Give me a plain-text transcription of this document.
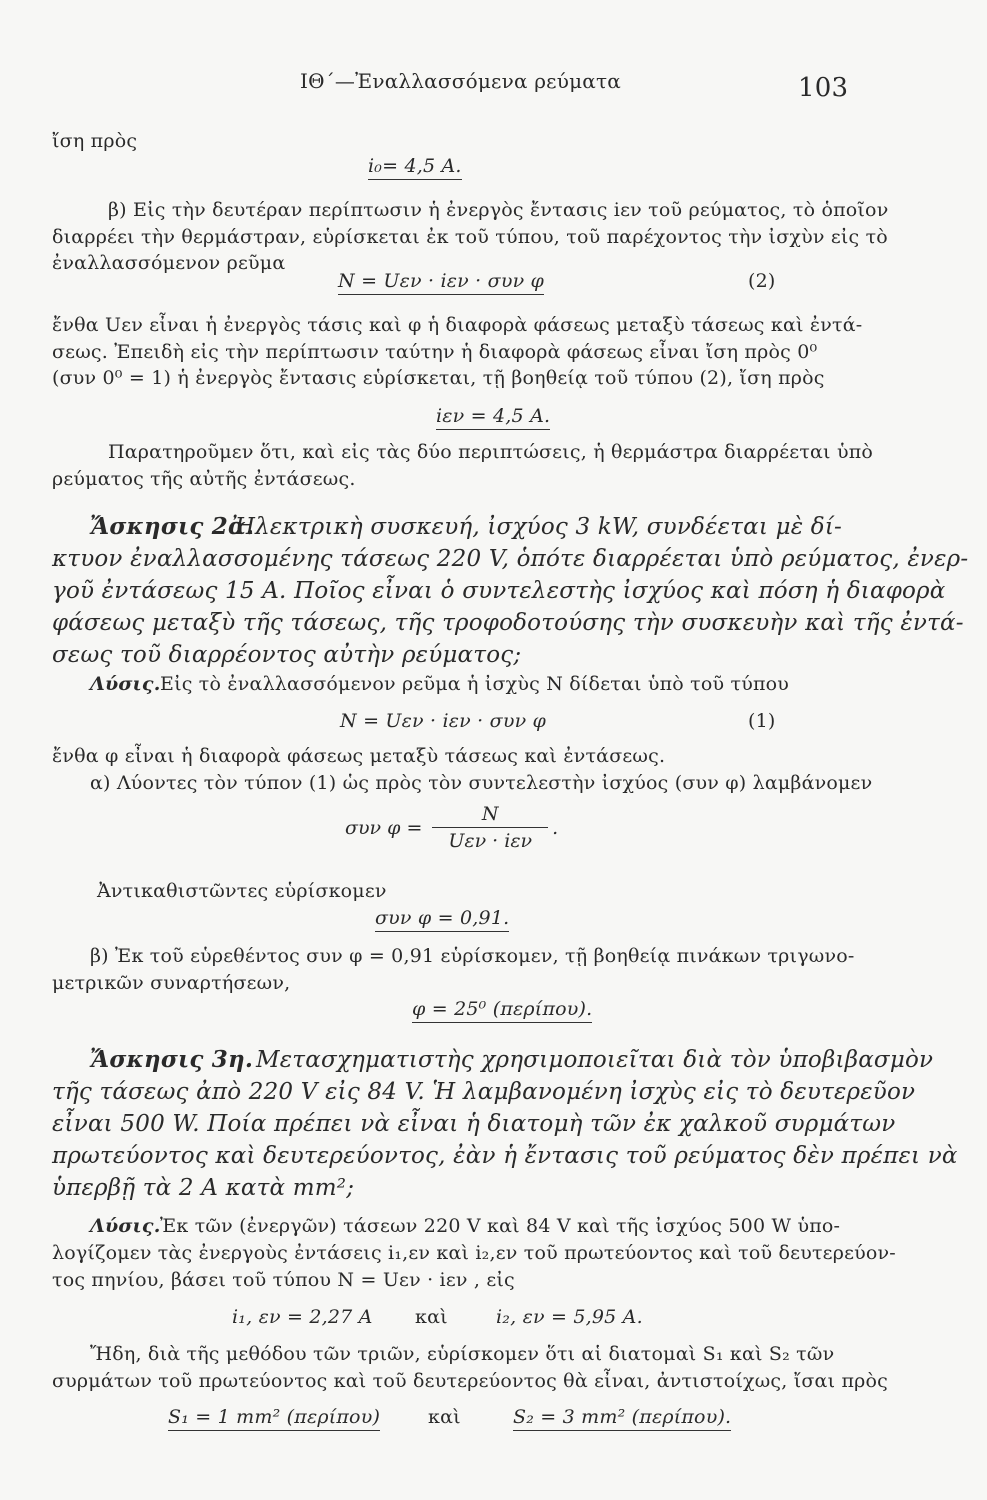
ΙΘ΄—Ἐναλλασσόμενα ρεύματα	103
ἴση πρὸς
i₀= 4,5 A.
β) Εἰς τὴν δευτέραν περίπτωσιν ἡ ἐνεργὸς ἔντασις iεν τοῦ ρεύματος, τὸ ὁποῖον
διαρρέει τὴν θερμάστραν, εὑρίσκεται ἐκ τοῦ τύπου, τοῦ παρέχοντος τὴν ἰσχὺν εἰς τὸ
ἐναλλασσόμενον ρεῦμα
N = Uεν · iεν · συν φ	(2)
ἔνθα Uεν εἶναι ἡ ἐνεργὸς τάσις καὶ φ ἡ διαφορὰ φάσεως μεταξὺ τάσεως καὶ ἐντά-
σεως. Ἐπειδὴ εἰς τὴν περίπτωσιν ταύτην ἡ διαφορὰ φάσεως εἶναι ἴση πρὸς 0⁰
(συν 0⁰ = 1) ἡ ἐνεργὸς ἔντασις εὑρίσκεται, τῇ βοηθείᾳ τοῦ τύπου (2), ἴση πρὸς
iεν = 4,5 A.
Παρατηροῦμεν ὅτι, καὶ εἰς τὰς δύο περιπτώσεις, ἡ θερμάστρα διαρρέεται ὑπὸ
ρεύματος τῆς αὐτῆς ἐντάσεως.
Ἄσκησις 2α.
Ἠλεκτρικὴ συσκευή, ἰσχύος 3 kW, συνδέεται μὲ δί-
κτυον ἐναλλασσομένης τάσεως 220 V, ὁπότε διαρρέεται ὑπὸ ρεύματος, ἐνερ-
γοῦ ἐντάσεως 15 A. Ποῖος εἶναι ὁ συντελεστὴς ἰσχύος καὶ πόση ἡ διαφορὰ
φάσεως μεταξὺ τῆς τάσεως, τῆς τροφοδοτούσης τὴν συσκευὴν καὶ τῆς ἐντά-
σεως τοῦ διαρρέοντος αὐτὴν ρεύματος;
Λύσις. Εἰς τὸ ἐναλλασσόμενον ρεῦμα ἡ ἰσχὺς N δίδεται ὑπὸ τοῦ τύπου
N = Uεν · iεν · συν φ	(1)
ἔνθα φ εἶναι ἡ διαφορὰ φάσεως μεταξὺ τάσεως καὶ ἐντάσεως.
α) Λύοντες τὸν τύπον (1) ὡς πρὸς τὸν συντελεστὴν ἰσχύος (συν φ) λαμβάνομεν
συν $\varphi = \frac{N}{\text{Uεν · iεν}}$ .
Ἀντικαθιστῶντες εὑρίσκομεν
συν φ = 0,91.
β) Ἐκ τοῦ εὑρεθέντος συν φ = 0,91 εὑρίσκομεν, τῇ βοηθείᾳ πινάκων τριγωνο-
μετρικῶν συναρτήσεων,
φ = 25⁰ (περίπου).
Ἄσκησις 3η. Μετασχηματιστὴς χρησιμοποιεῖται διὰ τὸν ὑποβιβασμὸν
τῆς τάσεως ἀπὸ 220 V εἰς 84 V. Ἡ λαμβανομένη ἰσχὺς εἰς τὸ δευτερεῦον
εἶναι 500 W. Ποία πρέπει νὰ εἶναι ἡ διατομὴ τῶν ἐκ χαλκοῦ συρμάτων
πρωτεύοντος καὶ δευτερεύοντος, ἐὰν ἡ ἔντασις τοῦ ρεύματος δὲν πρέπει νὰ
ὑπερβῇ τὰ 2 A κατὰ mm²;
Λύσις. Ἐκ τῶν (ἐνεργῶν) τάσεων 220 V καὶ 84 V καὶ τῆς ἰσχύος 500 W ὑπο-
λογίζομεν τὰς ἐνεργοὺς ἐντάσεις i₁,εν καὶ i₂,εν τοῦ πρωτεύοντος καὶ τοῦ δευτερεύον-
τος πηνίου, βάσει τοῦ τύπου N = Uεν · iεν , εἰς
i₁, εν = 2,27 A καὶ	i₂, εν = 5,95 A.
Ἤδη, διὰ τῆς μεθόδου τῶν τριῶν, εὑρίσκομεν ὅτι αἱ διατομαὶ S₁ καὶ S₂ τῶν
συρμάτων τοῦ πρωτεύοντος καὶ τοῦ δευτερεύοντος θὰ εἶναι, ἀντιστοίχως, ἴσαι πρὸς
S₁ = 1 mm² (περίπου)	καὶ	S₂ = 3 mm² (περίπου).
